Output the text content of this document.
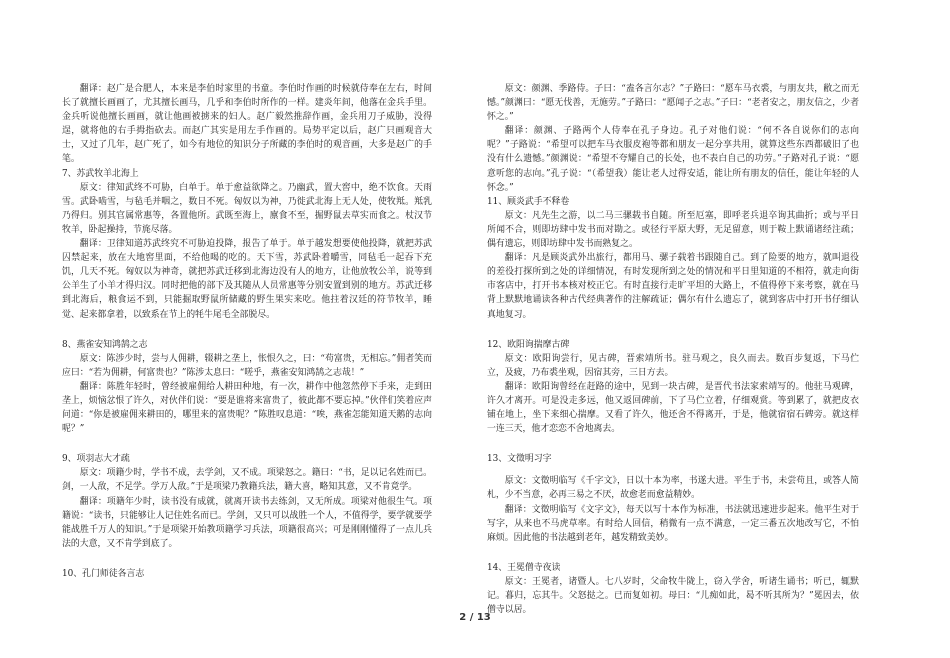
翻译：赵广是合肥人，本来是李伯时家里的书童。李伯时作画的时候就侍奉在左右，时间长了就擅长画画了，尤其擅长画马，几乎和李伯时所作的一样。建炎年间，他落在金兵手里。金兵听说他擅长画画，就让他画被掳来的妇人。赵广毅然推辞作画，金兵用刀子威胁，没得逞，就将他的右手拇指砍去。而赵广其实是用左手作画的。局势平定以后，赵广只画观音大士，又过了几年，赵广死了，如今有地位的知识分子所藏的李伯时的观音画，大多是赵广的手笔。

7、苏武牧羊北海上

原文：律知武终不可胁，白单于。单于愈益欲降之。乃幽武，置大窖中，绝不饮食。天雨雪。武卧啮雪，与毡毛并咽之，数日不死。匈奴以为神，乃徙武北海上无人处，使牧羝。羝乳乃得归。别其官属常惠等，各置他所。武既至海上，廪食不至，掘野鼠去草实而食之。杖汉节牧羊，卧起操持，节旄尽落。

翻译：卫律知道苏武终究不可胁迫投降，报告了单于。单于越发想要使他投降，就把苏武囚禁起来，放在大地窖里面，不给他喝的吃的。天下雪，苏武卧着嚼雪，同毡毛一起吞下充饥，几天不死。匈奴以为神奇，就把苏武迁移到北海边没有人的地方，让他放牧公羊，说等到公羊生了小羊才得归汉。同时把他的部下及其随从人员常惠等分别安置到别的地方。苏武迁移到北海后，粮食运不到，只能掘取野鼠所储藏的野生果实来吃。他拄着汉廷的符节牧羊，睡觉、起来都拿着，以致系在节上的牦牛尾毛全部脱尽。

8、燕雀安知鸿鹄之志

原文：陈涉少时，尝与人佣耕，辍耕之垄上，怅恨久之，曰：“苟富贵，无相忘。”佣者笑而应曰：“若为佣耕，何富贵也？”陈涉太息曰：“嗟乎，燕雀安知鸿鹄之志哉！”

翻译：陈胜年轻时，曾经被雇佣给人耕田种地，有一次，耕作中他忽然停下手来，走到田垄上，烦恼忿恨了许久，对伙伴们说：“要是谁将来富贵了，彼此都不要忘掉。”伙伴们笑着应声问道：“你是被雇佣来耕田的，哪里来的富贵呢？”陈胜叹息道：“唉，燕雀怎能知道天鹅的志向呢？”

9、项羽志大才疏

原文：项籍少时，学书不成，去学剑，又不成。项梁怒之。籍曰：“书，足以记名姓而已。剑，一人敌，不足学。学万人敌。”于是项梁乃教籍兵法，籍大喜，略知其意，又不肯竟学。

翻译：项籍年少时，读书没有成就，就离开读书去练剑，又无所成。项梁对他很生气。项籍说：“读书，只能够让人记住姓名而已。学剑，又只可以战胜一个人，不值得学，要学就要学能战胜千万人的知识。”于是项梁开始教项籍学习兵法，项籍很高兴；可是刚刚懂得了一点儿兵法的大意，又不肯学到底了。

10、孔门师徒各言志

原文：颜渊、季路侍。子曰：“盍各言尔志？”子路曰：“愿车马衣裘，与朋友共，敝之而无憾。”颜渊曰：“愿无伐善，无施劳。”子路曰：“愿闻子之志。”子曰：“老者安之，朋友信之，少者怀之。”

翻译：颜渊、子路两个人侍奉在孔子身边。孔子对他们说：“何不各自说你们的志向呢？”子路说：“希望可以把车马衣服皮袍等都和朋友一起分享共用，就算这些东西都破旧了也没有什么遗憾。”颜渊说：“希望不夸耀自己的长处，也不表白自己的功劳。”子路对孔子说：“愿意听您的志向。”孔子说：“（希望我）能让老人过得安适，能让所有朋友的信任，能让年轻的人怀念。”

11、顾炎武手不释卷

原文：凡先生之游，以二马三骡载书自随。所至厄塞，即呼老兵退卒询其曲折；或与平日所闻不合，则即坊肆中发书而对勘之。或径行平原大野，无足留意，则于鞍上默诵诸经注疏；偶有遗忘，则即坊肆中发书而熟复之。

翻译：凡是顾炎武外出旅行，都用马、骡子载着书跟随自己。到了险要的地方，就叫退役的差役打探所到之处的详细情况，有时发现所到之处的情况和平日里知道的不相符，就走向街市客店中，打开书本核对校正它。有时直接行走旷平坦的大路上，不值得停下来考察，就在马背上默默地诵读各种古代经典著作的注解疏证；偶尔有什么遗忘了，就到客店中打开书仔细认真地复习。

12、欧阳询揣摩古碑

原文：欧阳询尝行，见古碑，晋索靖所书。驻马观之，良久而去。数百步复返，下马伫立，及疲，乃布裘坐观，因宿其旁，三日方去。

翻译：欧阳询曾经在赶路的途中，见到一块古碑，是晋代书法家索靖写的。他驻马观碑，许久才离开。可是没走多远，他又返回碑前，下了马伫立着，仔细观赏。等到累了，就把皮衣铺在地上，坐下来细心揣摩。又看了许久，他还舍不得离开，于是，他就宿宿石碑旁。就这样一连三天，他才恋恋不舍地离去。

13、文徵明习字

原文：文徵明临写《千字文》，日以十本为率，书遂大进。平生于书，未尝苟且，或答人简札，少不当意，必再三易之不厌，故愈老而愈益精妙。

翻译：文徵明临写《文字文》，每天以写十本作为标准，书法就迅速进步起来。他平生对于写字，从来也不马虎草率。有时给人回信，稍微有一点不满意，一定三番五次地改写它，不怕麻烦。因此他的书法越到老年，越发精致美妙。

14、王冕僧寺夜读

原文：王冕者，诸暨人。七八岁时，父命牧牛陇上，窃入学舍，听诸生诵书；听已，辄默记。暮归，忘其牛。父怒挞之。已而复如初。母曰：“儿痴如此，曷不听其所为？”冕因去，依僧寺以居。

2 / 13
